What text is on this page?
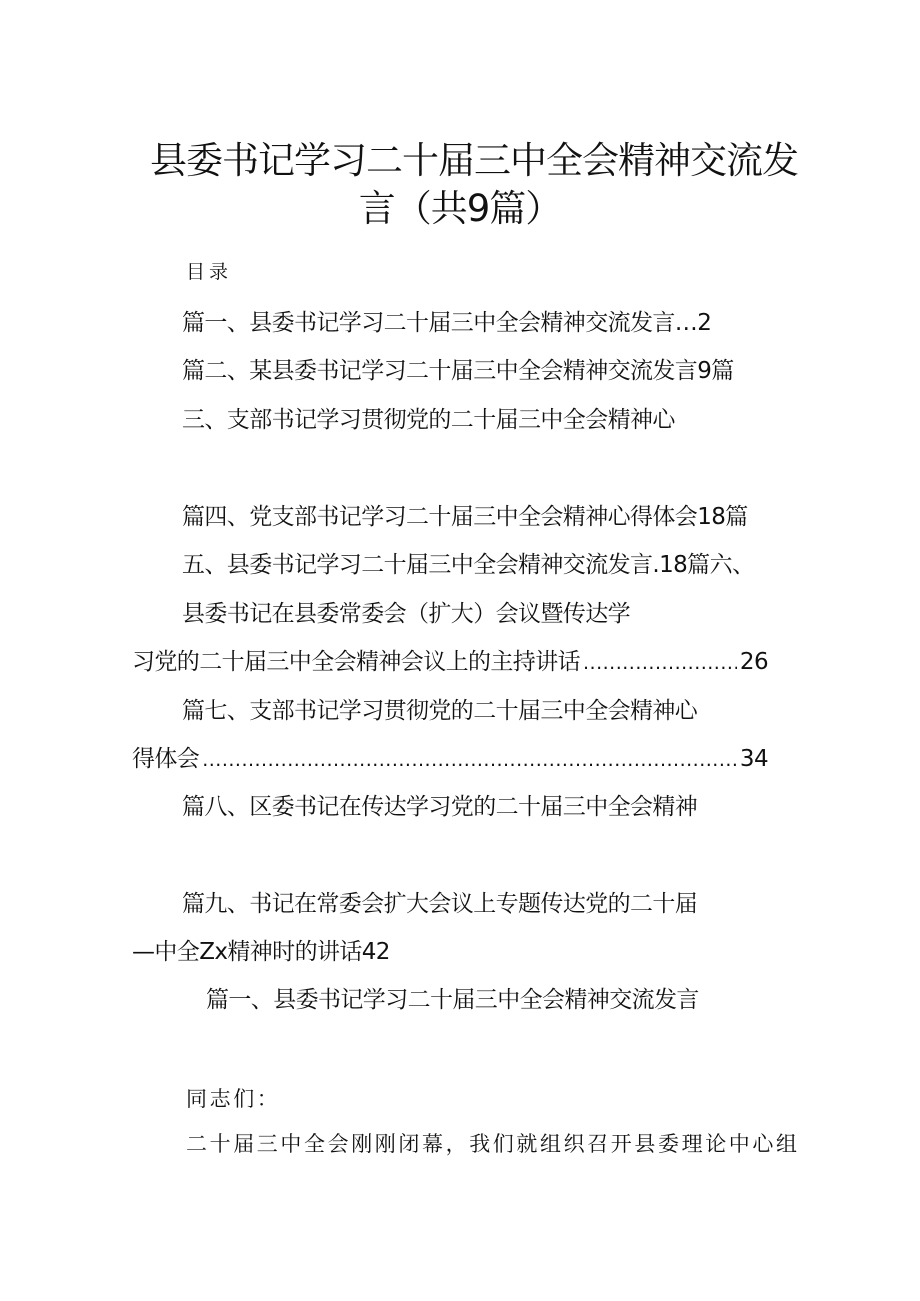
县委书记学习二十届三中全会精神交流发
言（共9篇）
目录
篇一、县委书记学习二十届三中全会精神交流发言…2
篇二、某县委书记学习二十届三中全会精神交流发言9篇
三、支部书记学习贯彻党的二十届三中全会精神心
篇四、党支部书记学习二十届三中全会精神心得体会18篇
五、县委书记学习二十届三中全会精神交流发言.18篇六、
县委书记在县委常委会（扩大）会议暨传达学
习党的二十届三中全会精神会议上的主持讲话 .....	26
篇七、支部书记学习贯彻党的二十届三中全会精神心
得体会 .....	34
篇八、区委书记在传达学习党的二十届三中全会精神
篇九、书记在常委会扩大会议上专题传达党的二十届
—中全Zx精神时的讲话42
篇一、县委书记学习二十届三中全会精神交流发言
同志们：
二十届三中全会刚刚闭幕，我们就组织召开县委理论中心组
